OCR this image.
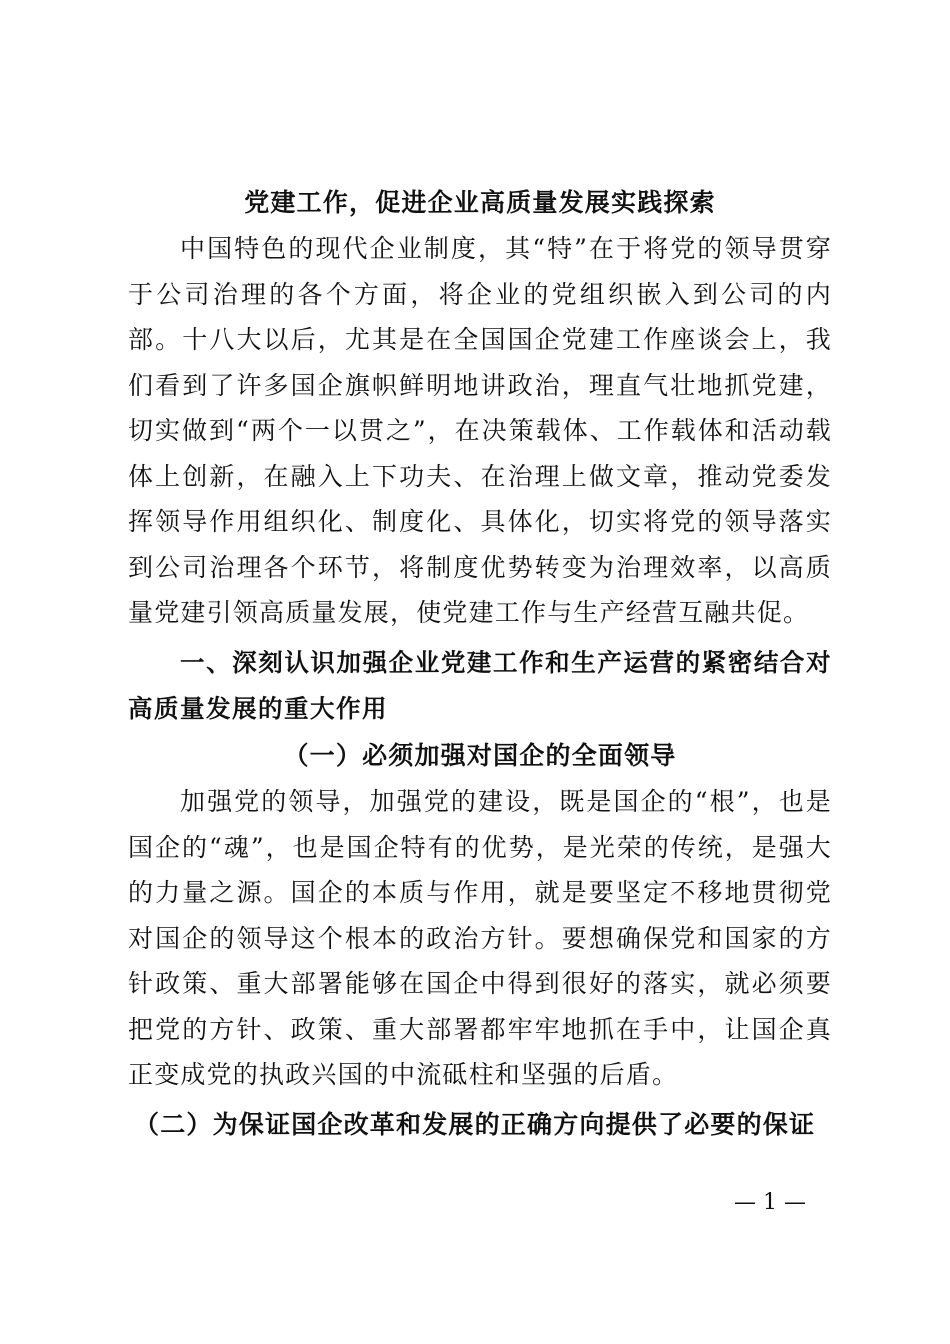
党建工作，促进企业高质量发展实践探索

中国特色的现代企业制度，其“特”在于将党的领导贯穿于公司治理的各个方面，将企业的党组织嵌入到公司的内部。十八大以后，尤其是在全国国企党建工作座谈会上，我们看到了许多国企旗帜鲜明地讲政治，理直气壮地抓党建，切实做到“两个一以贯之”，在决策载体、工作载体和活动载体上创新，在融入上下功夫、在治理上做文章，推动党委发挥领导作用组织化、制度化、具体化，切实将党的领导落实到公司治理各个环节，将制度优势转变为治理效率，以高质量党建引领高质量发展，使党建工作与生产经营互融共促。

一、深刻认识加强企业党建工作和生产运营的紧密结合对高质量发展的重大作用
（一）必须加强对国企的全面领导

加强党的领导，加强党的建设，既是国企的“根”，也是国企的“魂”，也是国企特有的优势，是光荣的传统，是强大的力量之源。国企的本质与作用，就是要坚定不移地贯彻党对国企的领导这个根本的政治方针。要想确保党和国家的方针政策、重大部署能够在国企中得到很好的落实，就必须要把党的方针、政策、重大部署都牢牢地抓在手中，让国企真正变成党的执政兴国的中流砥柱和坚强的后盾。

（二）为保证国企改革和发展的正确方向提供了必要的保证
— 1 —
